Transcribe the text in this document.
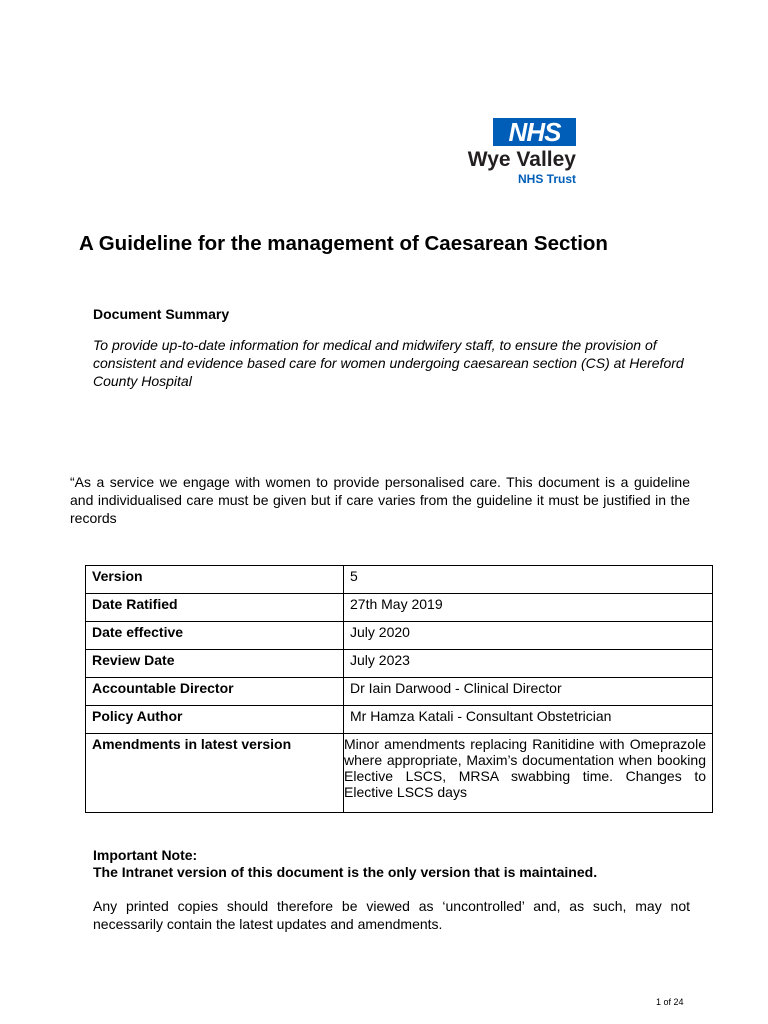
NHS
Wye Valley
NHS Trust
A Guideline for the management of Caesarean Section
Document Summary
To provide up-to-date information for medical and midwifery staff, to ensure the provision of consistent and evidence based care for women undergoing caesarean section (CS) at Hereford County Hospital
“As a service we engage with women to provide personalised care. This document is a guideline and individualised care must be given but if care varies from the guideline it must be justified in the records
Version	5
Date Ratified	27th May 2019
Date effective	July 2020
Review Date	July 2023
Accountable Director	Dr Iain Darwood - Clinical Director
Policy Author	Mr Hamza Katali - Consultant Obstetrician
Amendments in latest version	Minor amendments replacing Ranitidine with Omeprazole where appropriate, Maxim’s documentation when booking Elective LSCS, MRSA swabbing time. Changes to Elective LSCS days
Important Note:
The Intranet version of this document is the only version that is maintained.
Any printed copies should therefore be viewed as ‘uncontrolled’ and, as such, may not necessarily contain the latest updates and amendments.
1 of 24
